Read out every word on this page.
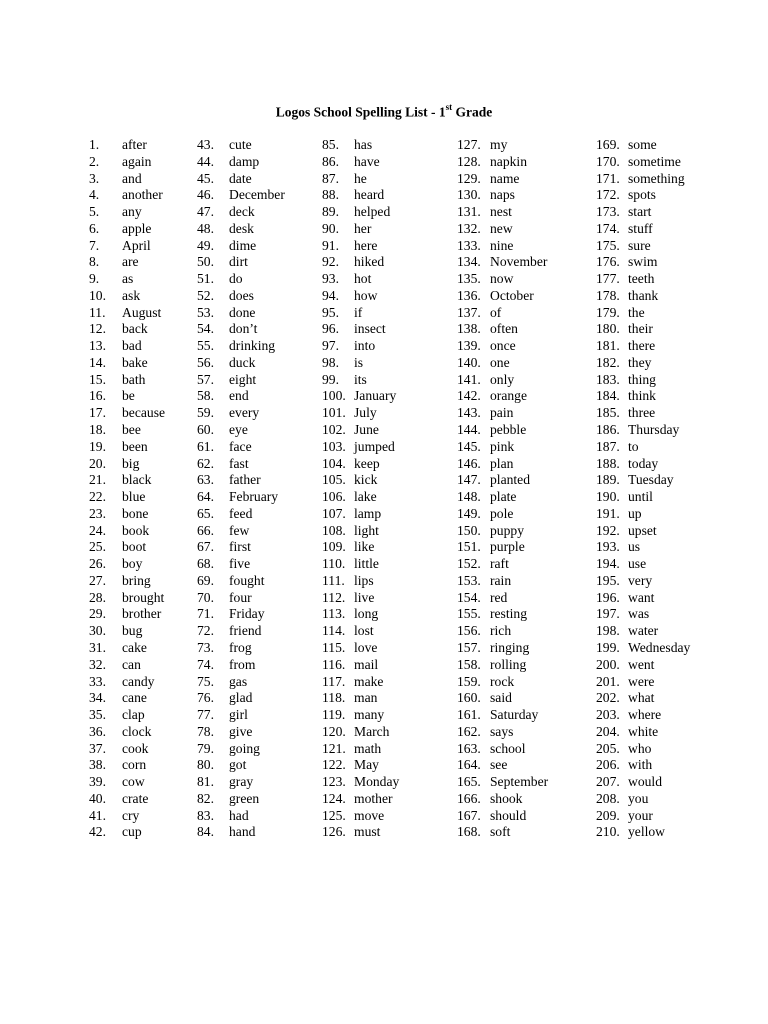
Logos School Spelling List - 1st Grade
1.	after
2.	again
3.	and
4.	another
5.	any
6.	apple
7.	April
8.	are
9.	as
10.	ask
11.	August
12.	back
13.	bad
14.	bake
15.	bath
16.	be
17.	because
18.	bee
19.	been
20.	big
21.	black
22.	blue
23.	bone
24.	book
25.	boot
26.	boy
27.	bring
28.	brought
29.	brother
30.	bug
31.	cake
32.	can
33.	candy
34.	cane
35.	clap
36.	clock
37.	cook
38.	corn
39.	cow
40.	crate
41.	cry
42.	cup
43.	cute
44.	damp
45.	date
46.	December
47.	deck
48.	desk
49.	dime
50.	dirt
51.	do
52.	does
53.	done
54.	don’t
55.	drinking
56.	duck
57.	eight
58.	end
59.	every
60.	eye
61.	face
62.	fast
63.	father
64.	February
65.	feed
66.	few
67.	first
68.	five
69.	fought
70.	four
71.	Friday
72.	friend
73.	frog
74.	from
75.	gas
76.	glad
77.	girl
78.	give
79.	going
80.	got
81.	gray
82.	green
83.	had
84.	hand
85.	has
86.	have
87.	he
88.	heard
89.	helped
90.	her
91.	here
92.	hiked
93.	hot
94.	how
95.	if
96.	insect
97.	into
98.	is
99.	its
100. January
101. July
102. June
103. jumped
104. keep
105. kick
106. lake
107. lamp
108. light
109. like
110. little
111. lips
112. live
113. long
114. lost
115. love
116. mail
117. make
118. man
119. many
120. March
121. math
122. May
123. Monday
124. mother
125. move
126. must
127. my
128. napkin
129. name
130. naps
131. nest
132. new
133. nine
134. November
135. now
136. October
137. of
138. often
139. once
140. one
141. only
142. orange
143. pain
144. pebble
145. pink
146. plan
147. planted
148. plate
149. pole
150. puppy
151. purple
152. raft
153. rain
154. red
155. resting
156. rich
157. ringing
158. rolling
159. rock
160. said
161. Saturday
162. says
163. school
164. see
165. September
166. shook
167. should
168. soft
169. some
170. sometime
171. something
172. spots
173. start
174. stuff
175. sure
176. swim
177. teeth
178. thank
179. the
180. their
181. there
182. they
183. thing
184. think
185. three
186. Thursday
187. to
188. today
189. Tuesday
190. until
191. up
192. upset
193. us
194. use
195. very
196. want
197. was
198. water
199. Wednesday
200. went
201. were
202. what
203. where
204. white
205. who
206. with
207. would
208. you
209. your
210. yellow
